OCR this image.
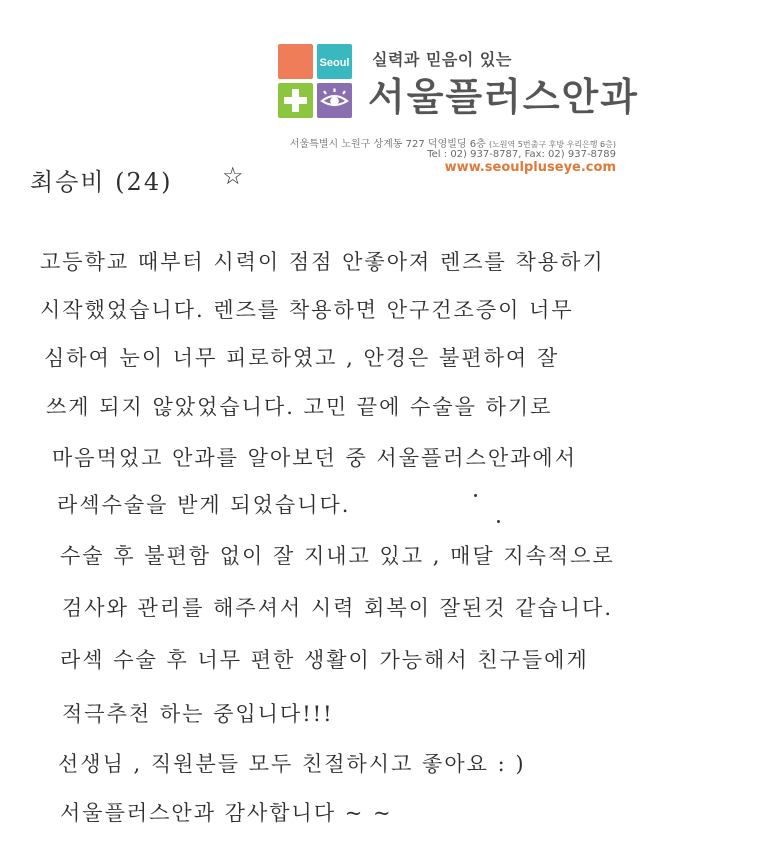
Seoul 실력과 믿음이 있는
서울플러스안과
서울특별시 노원구 상계동 727 덕영빌딩 6층 (노원역 5번출구 후방 우리은행 6층)
Tel : 02) 937-8787, Fax: 02) 937-8789
www.seoulpluseye.com
최승비 (24) ☆
고등학교 때부터 시력이 점점 안좋아져 렌즈를 착용하기
시작했었습니다. 렌즈를 착용하면 안구건조증이 너무
심하여 눈이 너무 피로하였고 , 안경은 불편하여 잘
쓰게 되지 않았었습니다. 고민 끝에 수술을 하기로
마음먹었고 안과를 알아보던 중 서울플러스안과에서
라섹수술을 받게 되었습니다.
수술 후 불편함 없이 잘 지내고 있고 , 매달 지속적으로
검사와 관리를 해주셔서 시력 회복이 잘된것 같습니다.
라섹 수술 후 너무 편한 생활이 가능해서 친구들에게
적극추천 하는 중입니다!!!
선생님 , 직원분들 모두 친절하시고 좋아요 : )
서울플러스안과 감사합니다 ~ ~
